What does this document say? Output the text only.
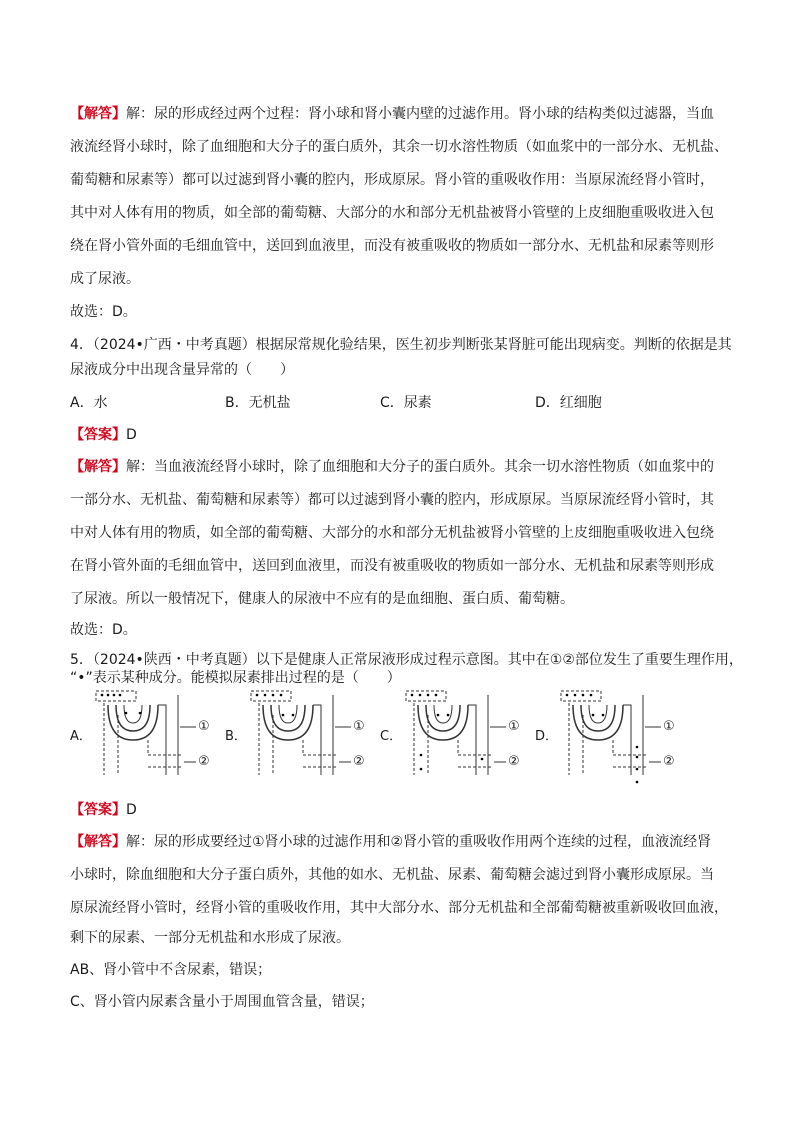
【解答】解：尿的形成经过两个过程：肾小球和肾小囊内壁的过滤作用。肾小球的结构类似过滤器，当血
液流经肾小球时，除了血细胞和大分子的蛋白质外，其余一切水溶性物质（如血浆中的一部分水、无机盐、
葡萄糖和尿素等）都可以过滤到肾小囊的腔内，形成原尿。肾小管的重吸收作用：当原尿流经肾小管时，
其中对人体有用的物质，如全部的葡萄糖、大部分的水和部分无机盐被肾小管壁的上皮细胞重吸收进入包
绕在肾小管外面的毛细血管中，送回到血液里，而没有被重吸收的物质如一部分水、无机盐和尿素等则形
成了尿液。
故选：D。
4．（2024•广西・中考真题）根据尿常规化验结果，医生初步判断张某肾脏可能出现病变。判断的依据是其
尿液成分中出现含量异常的（　　）
A．水	B．无机盐	C．尿素	D．红细胞
【答案】D
【解答】解：当血液流经肾小球时，除了血细胞和大分子的蛋白质外。其余一切水溶性物质（如血浆中的
一部分水、无机盐、葡萄糖和尿素等）都可以过滤到肾小囊的腔内，形成原尿。当原尿流经肾小管时，其
中对人体有用的物质，如全部的葡萄糖、大部分的水和部分无机盐被肾小管壁的上皮细胞重吸收进入包绕
在肾小管外面的毛细血管中，送回到血液里，而没有被重吸收的物质如一部分水、无机盐和尿素等则形成
了尿液。所以一般情况下，健康人的尿液中不应有的是血细胞、蛋白质、葡萄糖。
故选：D。
5．（2024•陕西・中考真题）以下是健康人正常尿液形成过程示意图。其中在①②部位发生了重要生理作用，
“•”表示某种成分。能模拟尿素排出过程的是（　　）
A．
①
②
B．
①
②
C．
①
②
D．
①
②
【答案】D
【解答】解：尿的形成要经过①肾小球的过滤作用和②肾小管的重吸收作用两个连续的过程，血液流经肾
小球时，除血细胞和大分子蛋白质外，其他的如水、无机盐、尿素、葡萄糖会滤过到肾小囊形成原尿。当
原尿流经肾小管时，经肾小管的重吸收作用，其中大部分水、部分无机盐和全部葡萄糖被重新吸收回血液，
剩下的尿素、一部分无机盐和水形成了尿液。
AB、肾小管中不含尿素，错误；
C、肾小管内尿素含量小于周围血管含量，错误；
